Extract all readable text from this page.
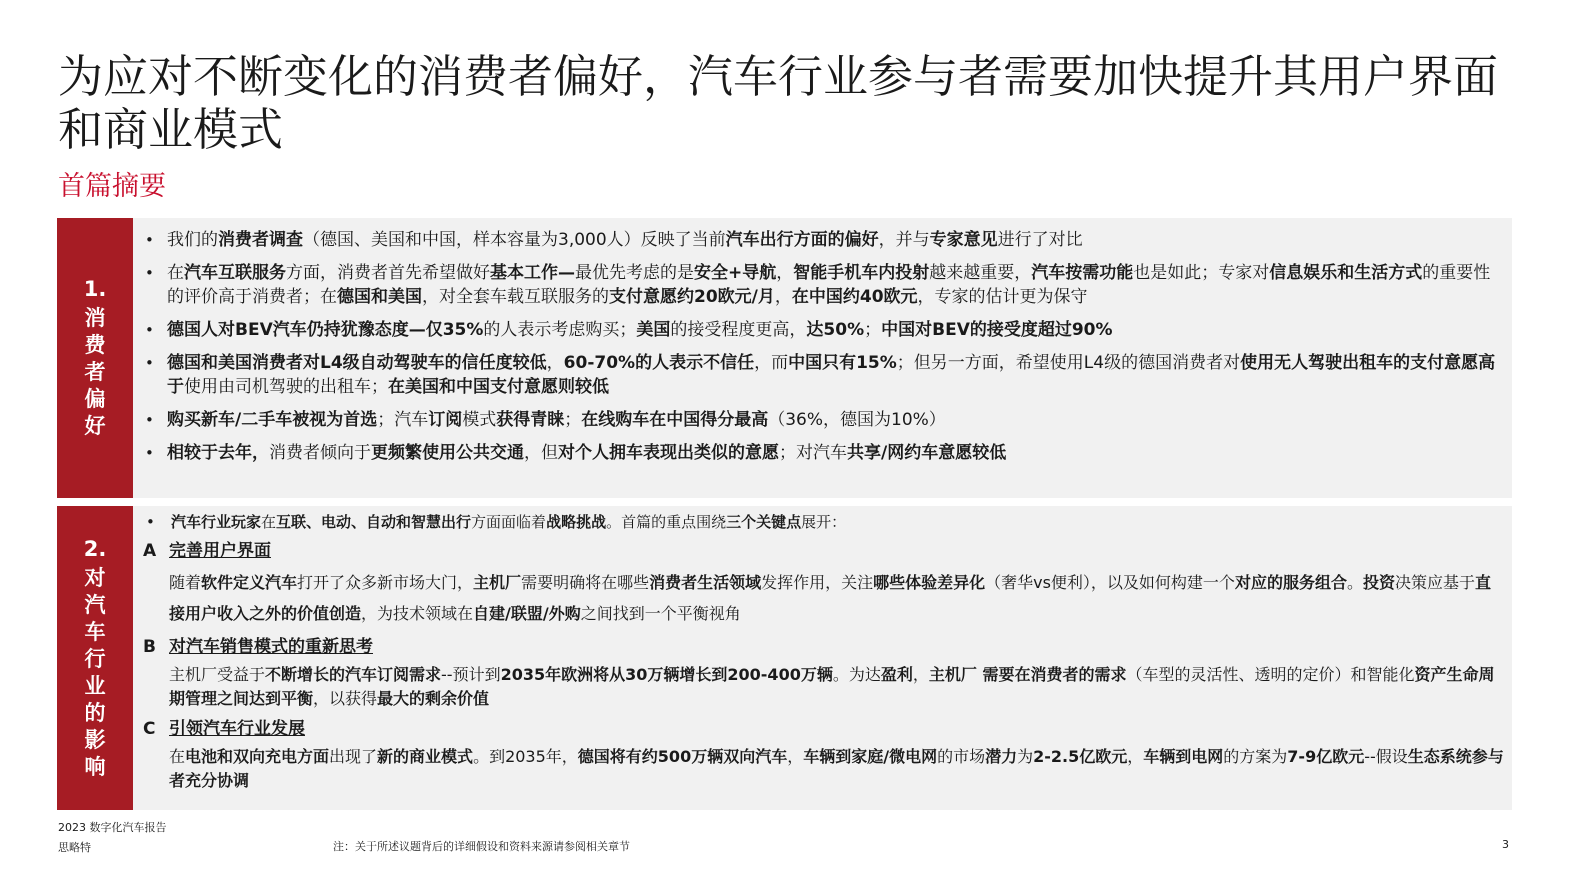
为应对不断变化的消费者偏好，汽车行业参与者需要加快提升其用户界面和商业模式
首篇摘要
1.
消
费
者
偏
好
• 我们的消费者调查（德国、美国和中国，样本容量为3,000人）反映了当前汽车出行方面的偏好，并与专家意见进行了对比
• 在汽车互联服务方面，消费者首先希望做好基本工作—最优先考虑的是安全+导航，智能手机车内投射越来越重要，汽车按需功能也是如此；专家对信息娱乐和生活方式的重要性的评价高于消费者；在德国和美国，对全套车载互联服务的支付意愿约20欧元/月，在中国约40欧元，专家的估计更为保守
• 德国人对BEV汽车仍持犹豫态度—仅35%的人表示考虑购买；美国的接受程度更高，达50%；中国对BEV的接受度超过90%
• 德国和美国消费者对L4级自动驾驶车的信任度较低，60-70%的人表示不信任，而中国只有15%；但另一方面，希望使用L4级的德国消费者对使用无人驾驶出租车的支付意愿高于使用由司机驾驶的出租车；在美国和中国支付意愿则较低
• 购买新车/二手车被视为首选；汽车订阅模式获得青睐；在线购车在中国得分最高（36%，德国为10%）
• 相较于去年，消费者倾向于更频繁使用公共交通，但对个人拥车表现出类似的意愿；对汽车共享/网约车意愿较低
2.
对
汽
车
行
业
的
影
响
• 汽车行业玩家在互联、电动、自动和智慧出行方面面临着战略挑战。首篇的重点围绕三个关键点展开：
A 完善用户界面
随着软件定义汽车打开了众多新市场大门，主机厂需要明确将在哪些消费者生活领域发挥作用，关注哪些体验差异化（奢华vs便利），以及如何构建一个对应的服务组合。投资决策应基于直接用户收入之外的价值创造，为技术领域在自建/联盟/外购之间找到一个平衡视角
B 对汽车销售模式的重新思考
主机厂受益于不断增长的汽车订阅需求--预计到2035年欧洲将从30万辆增长到200-400万辆。为达盈利，主机厂 需要在消费者的需求（车型的灵活性、透明的定价）和智能化资产生命周期管理之间达到平衡，以获得最大的剩余价值
C 引领汽车行业发展
在电池和双向充电方面出现了新的商业模式。到2035年，德国将有约500万辆双向汽车，车辆到家庭/微电网的市场潜力为2-2.5亿欧元，车辆到电网的方案为7-9亿欧元--假设生态系统参与者充分协调
2023 数字化汽车报告
思略特	注：关于所述议题背后的详细假设和资料来源请参阅相关章节	3
